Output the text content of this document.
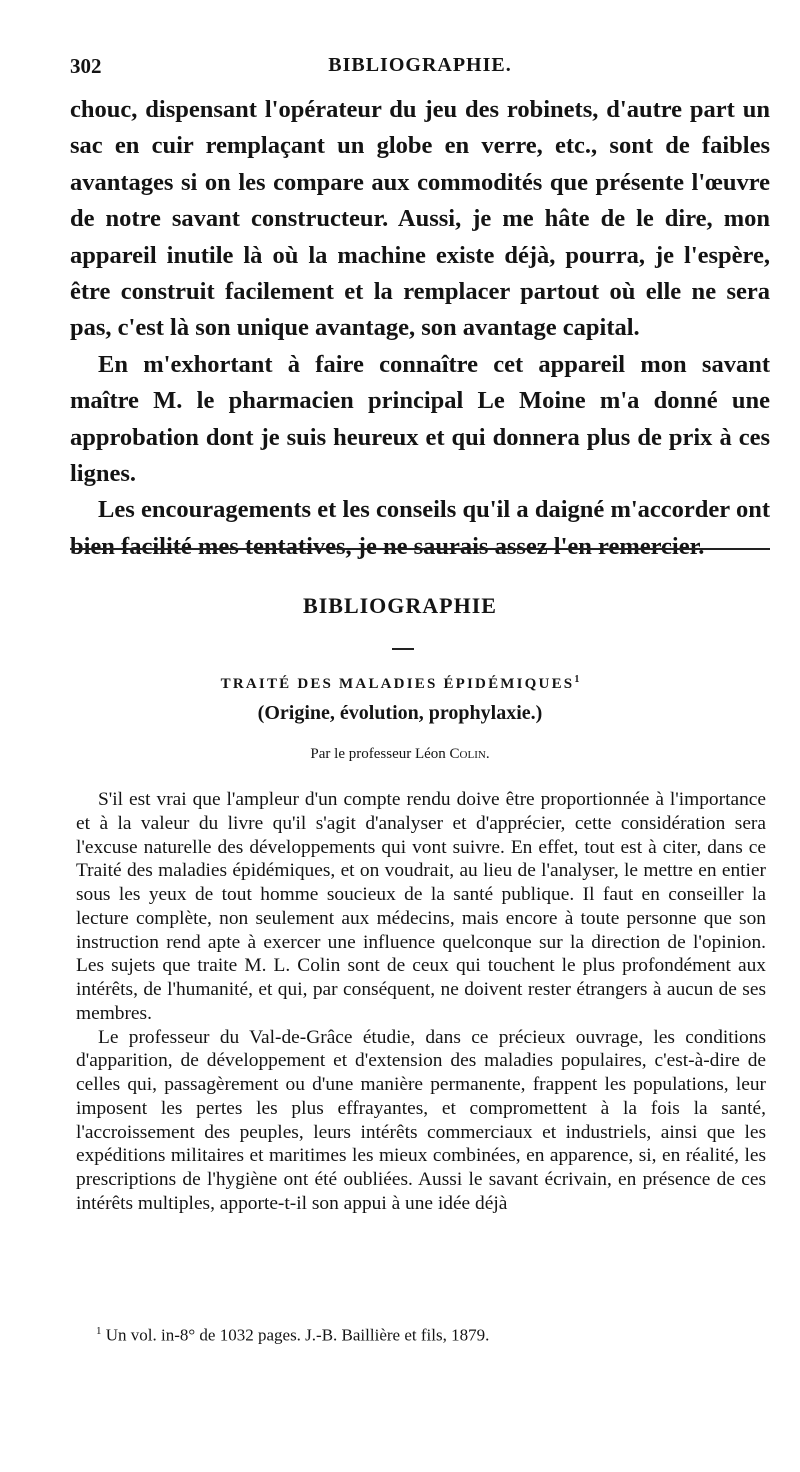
302	BIBLIOGRAPHIE.

chouc, dispensant l'opérateur du jeu des robinets, d'autre part un sac en cuir remplaçant un globe en verre, etc., sont de faibles avantages si on les compare aux commodités que présente l'œuvre de notre savant constructeur. Aussi, je me hâte de le dire, mon appareil inutile là où la machine existe déjà, pourra, je l'espère, être construit facilement et la remplacer partout où elle ne sera pas, c'est là son unique avantage, son avantage capital.

En m'exhortant à faire connaître cet appareil mon savant maître M. le pharmacien principal Le Moine m'a donné une approbation dont je suis heureux et qui donnera plus de prix à ces lignes.

Les encouragements et les conseils qu'il a daigné m'accorder ont bien facilité mes tentatives, je ne saurais assez l'en remercier.

BIBLIOGRAPHIE
TRAITÉ DES MALADIES ÉPIDÉMIQUES$^1$
(Origine, évolution, prophylaxie.)
Par le professeur Léon Colin.

S'il est vrai que l'ampleur d'un compte rendu doive être proportionnée à l'importance et à la valeur du livre qu'il s'agit d'analyser et d'apprécier, cette considération sera l'excuse naturelle des développements qui vont suivre. En effet, tout est à citer, dans ce Traité des maladies épidémiques, et on voudrait, au lieu de l'analyser, le mettre en entier sous les yeux de tout homme soucieux de la santé publique. Il faut en conseiller la lecture complète, non seulement aux médecins, mais encore à toute personne que son instruction rend apte à exercer une influence quelconque sur la direction de l'opinion. Les sujets que traite M. L. Colin sont de ceux qui touchent le plus profondément aux intérêts, de l'humanité, et qui, par conséquent, ne doivent rester étrangers à aucun de ses membres.

Le professeur du Val-de-Grâce étudie, dans ce précieux ouvrage, les conditions d'apparition, de développement et d'extension des maladies populaires, c'est-à-dire de celles qui, passagèrement ou d'une manière permanente, frappent les populations, leur imposent les pertes les plus effrayantes, et compromettent à la fois la santé, l'accroissement des peuples, leurs intérêts commerciaux et industriels, ainsi que les expéditions militaires et maritimes les mieux combinées, en apparence, si, en réalité, les prescriptions de l'hygiène ont été oubliées. Aussi le savant écrivain, en présence de ces intérêts multiples, apporte-t-il son appui à une idée déjà

$^1$ Un vol. in-8° de 1032 pages. J.-B. Baillière et fils, 1879.
